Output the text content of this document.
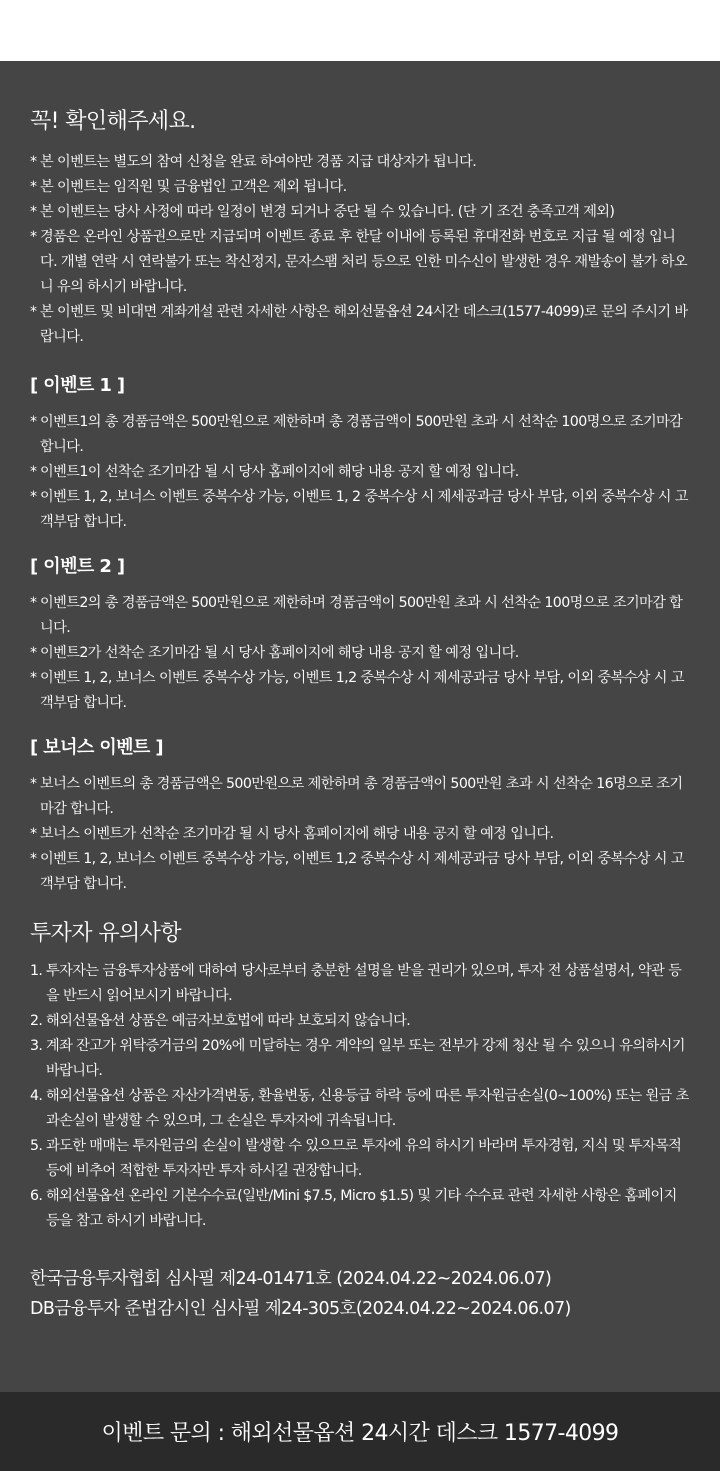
꼭! 확인해주세요.
* 본 이벤트는 별도의 참여 신청을 완료 하여야만 경품 지급 대상자가 됩니다.
* 본 이벤트는 임직원 및 금융법인 고객은 제외 됩니다.
* 본 이벤트는 당사 사정에 따라 일정이 변경 되거나 중단 될 수 있습니다. (단 기 조건 충족고객 제외)
* 경품은 온라인 상품권으로만 지급되며 이벤트 종료 후 한달 이내에 등록된 휴대전화 번호로 지급 될 예정 입니다. 개별 연락 시 연락불가 또는 착신정지, 문자스팸 처리 등으로 인한 미수신이 발생한 경우 재발송이 불가 하오니 유의 하시기 바랍니다.
* 본 이벤트 및 비대면 계좌개설 관련 자세한 사항은 해외선물옵션 24시간 데스크(1577-4099)로 문의 주시기 바랍니다.
[ 이벤트 1 ]
* 이벤트1의 총 경품금액은 500만원으로 제한하며 총 경품금액이 500만원 초과 시 선착순 100명으로 조기마감 합니다.
* 이벤트1이 선착순 조기마감 될 시 당사 홈페이지에 해당 내용 공지 할 예정 입니다.
* 이벤트 1, 2, 보너스 이벤트 중복수상 가능, 이벤트 1, 2 중복수상 시 제세공과금 당사 부담, 이외 중복수상 시 고객부담 합니다.
[ 이벤트 2 ]
* 이벤트2의 총 경품금액은 500만원으로 제한하며 경품금액이 500만원 초과 시 선착순 100명으로 조기마감 합니다.
* 이벤트2가 선착순 조기마감 될 시 당사 홈페이지에 해당 내용 공지 할 예정 입니다.
* 이벤트 1, 2, 보너스 이벤트 중복수상 가능, 이벤트 1,2 중복수상 시 제세공과금 당사 부담, 이외 중복수상 시 고객부담 합니다.
[ 보너스 이벤트 ]
* 보너스 이벤트의 총 경품금액은 500만원으로 제한하며 총 경품금액이 500만원 초과 시 선착순 16명으로 조기마감 합니다.
* 보너스 이벤트가 선착순 조기마감 될 시 당사 홈페이지에 해당 내용 공지 할 예정 입니다.
* 이벤트 1, 2, 보너스 이벤트 중복수상 가능, 이벤트 1,2 중복수상 시 제세공과금 당사 부담, 이외 중복수상 시 고객부담 합니다.
투자자 유의사항
1. 투자자는 금융투자상품에 대하여 당사로부터 충분한 설명을 받을 권리가 있으며, 투자 전 상품설명서, 약관 등을 반드시 읽어보시기 바랍니다.
2. 해외선물옵션 상품은 예금자보호법에 따라 보호되지 않습니다.
3. 계좌 잔고가 위탁증거금의 20%에 미달하는 경우 계약의 일부 또는 전부가 강제 청산 될 수 있으니 유의하시기 바랍니다.
4. 해외선물옵션 상품은 자산가격변동, 환율변동, 신용등급 하락 등에 따른 투자원금손실(0~100%) 또는 원금 초과손실이 발생할 수 있으며, 그 손실은 투자자에 귀속됩니다.
5. 과도한 매매는 투자원금의 손실이 발생할 수 있으므로 투자에 유의 하시기 바라며 투자경험, 지식 및 투자목적 등에 비추어 적합한 투자자만 투자 하시길 권장합니다.
6. 해외선물옵션 온라인 기본수수료(일반/Mini $7.5, Micro $1.5) 및 기타 수수료 관련 자세한 사항은 홈페이지 등을 참고 하시기 바랍니다.
한국금융투자협회 심사필 제24-01471호 (2024.04.22~2024.06.07)
DB금융투자 준법감시인 심사필 제24-305호(2024.04.22~2024.06.07)
이벤트 문의 : 해외선물옵션 24시간 데스크 1577-4099
